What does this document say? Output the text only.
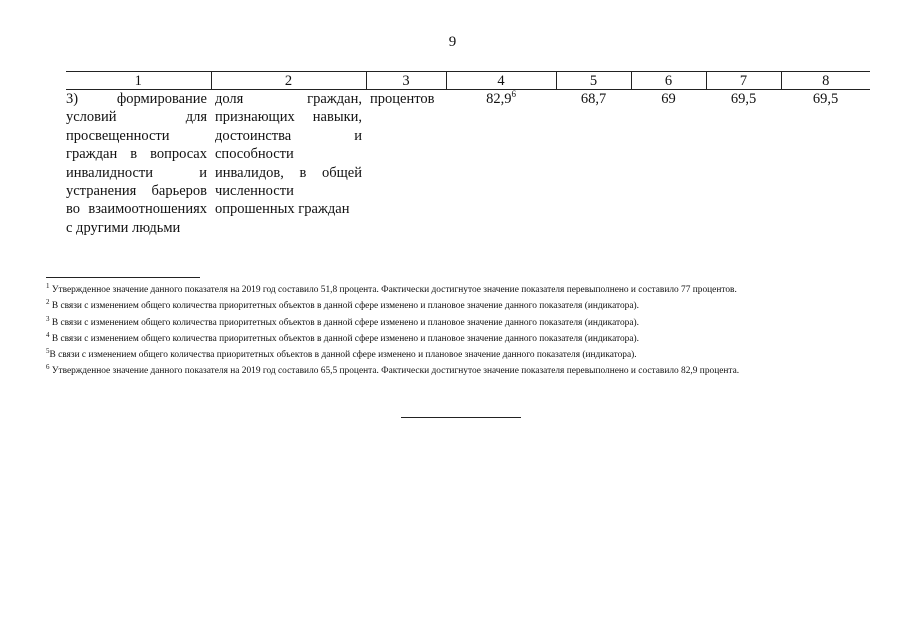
9
1	2	3	4	5	6	7	8
3) формирование условий для просвещенности граждан в вопросах инвалидности и устранения барьеров во взаимоотношениях с другими людьми	доля граждан, признающих навыки, достоинства и способности инвалидов, в общей численности опрошенных граждан	процентов	82,9$^6$	68,7	69	69,5	69,5
$^1$ Утвержденное значение данного показателя на 2019 год составило 51,8 процента. Фактически достигнутое значение показателя перевыполнено и составило 77 процентов.
$^2$ В связи с изменением общего количества приоритетных объектов в данной сфере изменено и плановое значение данного показателя (индикатора).
$^3$ В связи с изменением общего количества приоритетных объектов в данной сфере изменено и плановое значение данного показателя (индикатора).
$^4$ В связи с изменением общего количества приоритетных объектов в данной сфере изменено и плановое значение данного показателя (индикатора).
$^5$В связи с изменением общего количества приоритетных объектов в данной сфере изменено и плановое значение данного показателя (индикатора).
$^6$ Утвержденное значение данного показателя на 2019 год составило 65,5 процента. Фактически достигнутое значение показателя перевыполнено и составило 82,9 процента.
